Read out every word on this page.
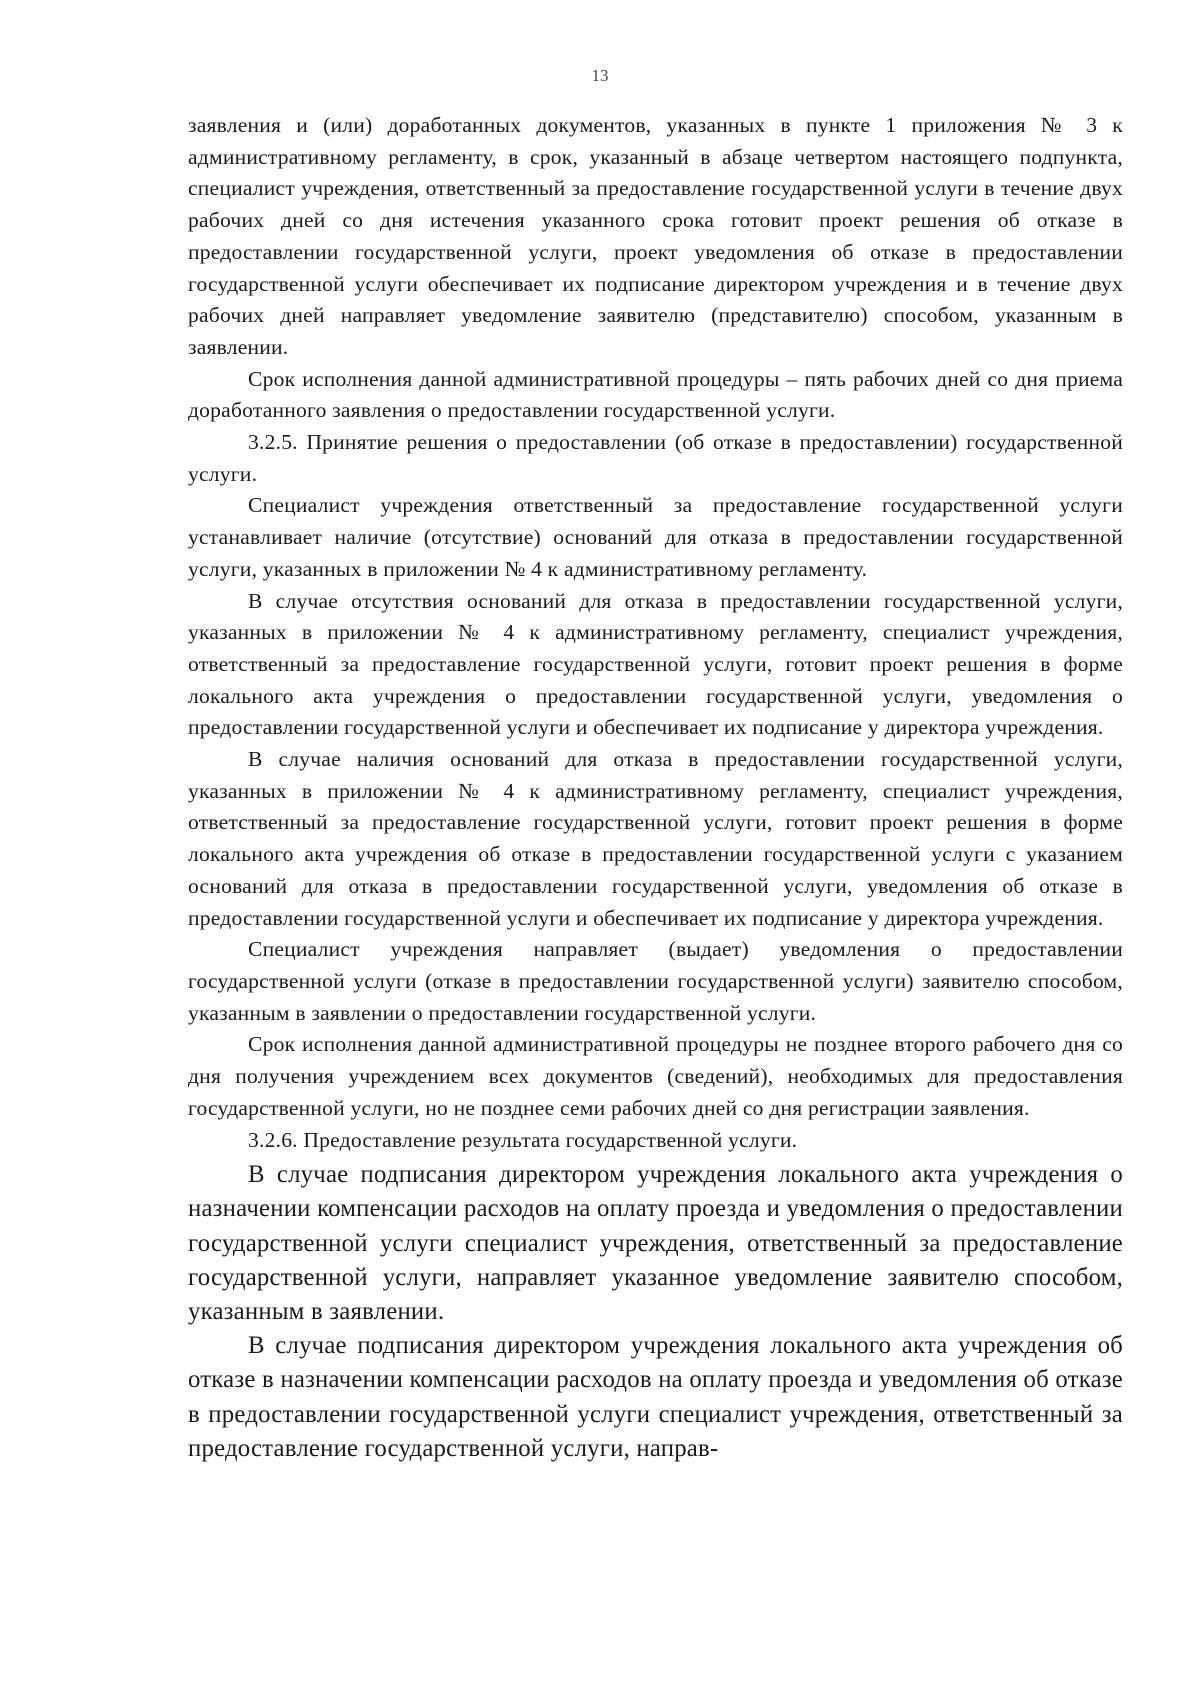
13

заявления и (или) доработанных документов, указанных в пункте 1 приложения № 3 к административному регламенту, в срок, указанный в абзаце четвертом настоящего подпункта, специалист учреждения, ответственный за предоставление государственной услуги в течение двух рабочих дней со дня истечения указанного срока готовит проект решения об отказе в предоставлении государственной услуги, проект уведомления об отказе в предоставлении государственной услуги обеспечивает их подписание директором учреждения и в течение двух рабочих дней направляет уведомление заявителю (представителю) способом, указанным в заявлении.

Срок исполнения данной административной процедуры – пять рабочих дней со дня приема доработанного заявления о предоставлении государственной услуги.

3.2.5. Принятие решения о предоставлении (об отказе в предоставлении) государственной услуги.

Специалист учреждения ответственный за предоставление государственной услуги устанавливает наличие (отсутствие) оснований для отказа в предоставлении государственной услуги, указанных в приложении № 4 к административному регламенту.

В случае отсутствия оснований для отказа в предоставлении государственной услуги, указанных в приложении № 4 к административному регламенту, специалист учреждения, ответственный за предоставление государственной услуги, готовит проект решения в форме локального акта учреждения о предоставлении государственной услуги, уведомления о предоставлении государственной услуги и обеспечивает их подписание у директора учреждения.

В случае наличия оснований для отказа в предоставлении государственной услуги, указанных в приложении № 4 к административному регламенту, специалист учреждения, ответственный за предоставление государственной услуги, готовит проект решения в форме локального акта учреждения об отказе в предоставлении государственной услуги с указанием оснований для отказа в предоставлении государственной услуги, уведомления об отказе в предоставлении государственной услуги и обеспечивает их подписание у директора учреждения.

Специалист учреждения направляет (выдает) уведомления о предоставлении государственной услуги (отказе в предоставлении государственной услуги) заявителю способом, указанным в заявлении о предоставлении государственной услуги.

Срок исполнения данной административной процедуры не позднее второго рабочего дня со дня получения учреждением всех документов (сведений), необходимых для предоставления государственной услуги, но не позднее семи рабочих дней со дня регистрации заявления.

3.2.6. Предоставление результата государственной услуги.

В случае подписания директором учреждения локального акта учреждения о назначении компенсации расходов на оплату проезда и уведомления о предоставлении государственной услуги специалист учреждения, ответственный за предоставление государственной услуги, направляет указанное уведомление заявителю способом, указанным в заявлении.

В случае подписания директором учреждения локального акта учреждения об отказе в назначении компенсации расходов на оплату проезда и уведомления об отказе в предоставлении государственной услуги специалист учреждения, ответственный за предоставление государственной услуги, направ-
